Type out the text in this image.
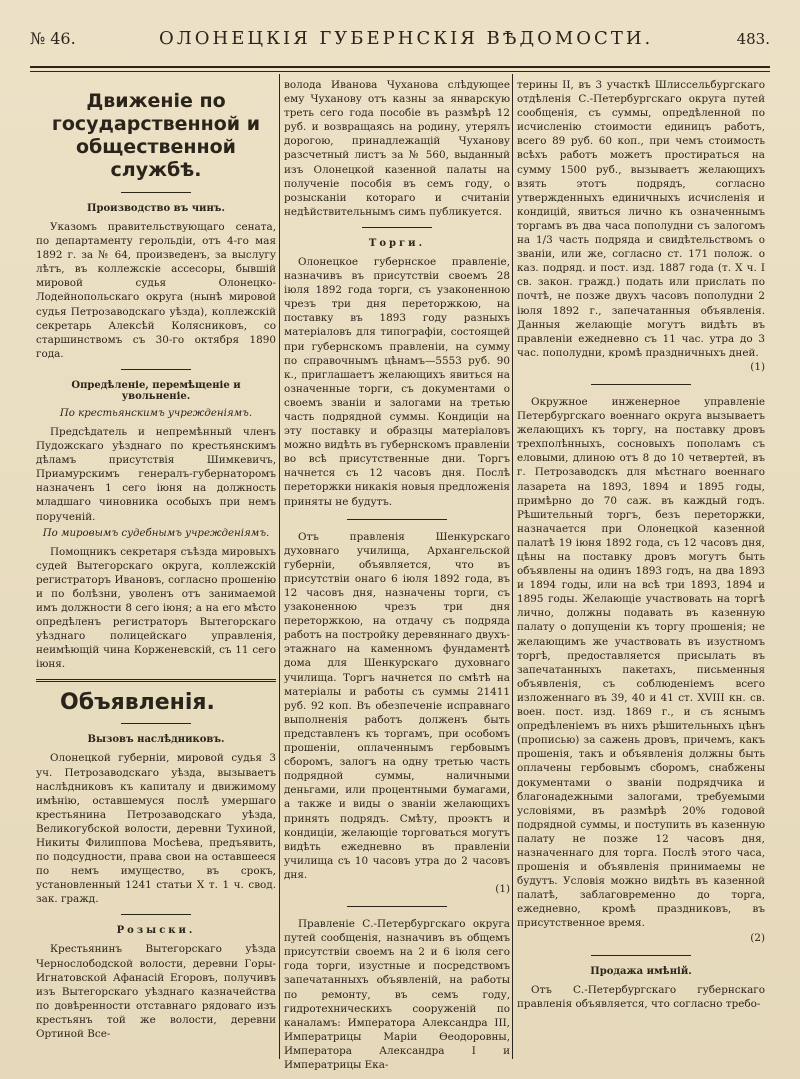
№ 46.	ОЛОНЕЦКІЯ ГУБЕРНСКІЯ ВѢДОМОСТИ.	483.
Движеніе по государственной и общественной службѣ.
Производство въ чинъ.

Указомъ правительствующаго сената, по департаменту герольдіи, отъ 4-го мая 1892 г. за № 64, произведенъ, за выслугу лѣтъ, въ коллежскіе ассесоры, бывшій мировой судья Олонецко-Лодейнопольскаго округа (нынѣ мировой судья Петрозаводскаго уѣзда), коллежскій секретарь Алексѣй Колясниковъ, со старшинствомъ съ 30-го октября 1890 года.

Опредѣленіе, перемѣщеніе и увольненіе.
По крестьянскимъ учрежденіямъ.

Предсѣдатель и непремѣнный членъ Пудожскаго уѣзднаго по крестьянскимъ дѣламъ присутствія Шимкевичъ, Приамурскимъ генералъ-губернаторомъ назначенъ 1 сего іюня на должность младшаго чиновника особыхъ при немъ порученій.

По мировымъ судебнымъ учрежденіямъ.

Помощникъ секретаря съѣзда мировыхъ судей Вытегорскаго округа, коллежскій регистраторъ Ивановъ, согласно прошенію и по болѣзни, уволенъ отъ занимаемой имъ должности 8 сего іюня; а на его мѣсто опредѣленъ регистраторъ Вытегорскаго уѣзднаго полицейскаго управленія, неимѣющій чина Корженевскій, съ 11 сего іюня.

Объявленія.
Вызовъ наслѣдниковъ.

Олонецкой губерніи, мировой судья 3 уч. Петрозаводскаго уѣзда, вызываетъ наслѣдниковъ къ капиталу и движимому имѣнію, оставшемуся послѣ умершаго крестьянина Петрозаводскаго уѣзда, Великогубской волости, деревни Тухиной, Никиты Филиппова Мосѣева, предъявить, по подсудности, права свои на оставшееся по немъ имущество, въ срокъ, установленный 1241 статьи Х т. 1 ч. свод. зак. гражд.

Розыски.

Крестьянинъ Вытегорскаго уѣзда Чернослободской волости, деревни Горы-Игнатовской Афанасій Егоровъ, получивъ изъ Вытегорскаго уѣзднаго казначейства по довѣренности отставнаго рядоваго изъ крестьянъ той же волости, деревни Ортиной Все-

волода Иванова Чуханова слѣдующее ему Чуханову отъ казны за январскую треть сего года пособіе въ размѣрѣ 12 руб. и возвращаясь на родину, утерялъ дорогою, принадлежащій Чуханову разсчетный листъ за № 560, выданный изъ Олонецкой казенной палаты на полученіе пособія въ семъ году, о розысканіи котораго и считаніи недѣйствительнымъ симъ публикуется.

Торги.

Олонецкое губернское правленіе, назначивъ въ присутствіи своемъ 28 іюля 1892 года торги, съ узаконенною чрезъ три дня переторжкою, на поставку въ 1893 году разныхъ матеріаловъ для типографіи, состоящей при губернскомъ правленіи, на сумму по справочнымъ цѣнамъ—5553 руб. 90 к., приглашаетъ желающихъ явиться на означенные торги, съ документами о своемъ званіи и залогами на третью часть подрядной суммы. Кондиціи на эту поставку и образцы матеріаловъ можно видѣть въ губернскомъ правленіи во всѣ присутственные дни. Торгъ начнется съ 12 часовъ дня. Послѣ переторжки никакія новыя предложенія приняты не будутъ.

Отъ правленія Шенкурскаго духовнаго училища, Архангельской губерніи, объявляется, что въ присутствіи онаго 6 іюля 1892 года, въ 12 часовъ дня, назначены торги, съ узаконенною чрезъ три дня переторжкою, на отдачу съ подряда работъ на постройку деревяннаго двухъ-этажнаго на каменномъ фундаментѣ дома для Шенкурскаго духовнаго училища. Торгъ начнется по смѣтѣ на матеріалы и работы съ суммы 21411 руб. 92 коп. Въ обезпеченіе исправнаго выполненія работъ долженъ быть представленъ къ торгамъ, при особомъ прошеніи, оплаченнымъ гербовымъ сборомъ, залогъ на одну третью часть подрядной суммы, наличными деньгами, или процентными бумагами, а также и виды о званіи желающихъ принять подрядъ. Смѣту, проэктъ и кондиціи, желающіе торговаться могутъ видѣть ежедневно въ правленіи училища съ 10 часовъ утра до 2 часовъ дня.

(1)

Правленіе С.-Петербургскаго округа путей сообщенія, назначивъ въ общемъ присутствіи своемъ на 2 и 6 іюля сего года торги, изустные и посредствомъ запечатанныхъ объявленій, на работы по ремонту, въ семъ году, гидротехническихъ сооруженій по каналамъ: Императора Александра III, Императрицы Маріи Ѳеодоровны, Императора Александра I и Императрицы Ека-

терины II, въ 3 участкѣ Шлиссельбургскаго отдѣленія С.-Петербургскаго округа путей сообщенія, съ суммы, опредѣленной по исчисленію стоимости единицъ работъ, всего 89 руб. 60 коп., при чемъ стоимость всѣхъ работъ можетъ простираться на сумму 1500 руб., вызываетъ желающихъ взять этотъ подрядъ, согласно утвержденныхъ единичныхъ исчисленія и кондицій, явиться лично къ означеннымъ торгамъ въ два часа пополудни съ залогомъ на 1/3 часть подряда и свидѣтельствомъ о званіи, или же, согласно ст. 171 полож. о каз. подряд. и пост. изд. 1887 года (т. Х ч. I св. закон. гражд.) подать или прислать по почтѣ, не позже двухъ часовъ пополудни 2 іюля 1892 г., запечатанныя объявленія. Данныя желающіе могутъ видѣть въ правленіи ежедневно съ 11 час. утра до 3 час. пополудни, кромѣ праздничныхъ дней.

(1)

Окружное инженерное управленіе Петербургскаго военнаго округа вызываетъ желающихъ къ торгу, на поставку дровъ трехполѣнныхъ, сосновыхъ пополамъ съ еловыми, длиною отъ 8 до 10 четвертей, въ г. Петрозаводскъ для мѣстнаго военнаго лазарета на 1893, 1894 и 1895 годы, примѣрно до 70 саж. въ каждый годъ. Рѣшительный торгъ, безъ переторжки, назначается при Олонецкой казенной палатѣ 19 іюня 1892 года, съ 12 часовъ дня, цѣны на поставку дровъ могутъ быть объявлены на одинъ 1893 годъ, на два 1893 и 1894 годы, или на всѣ три 1893, 1894 и 1895 годы. Желающіе участвовать на торгѣ лично, должны подавать въ казенную палату о допущеніи къ торгу прошенія; не желающимъ же участвовать въ изустномъ торгѣ, предоставляется присылать въ запечатанныхъ пакетахъ, письменныя объявленія, съ соблюденіемъ всего изложеннаго въ 39, 40 и 41 ст. XVIII кн. св. воен. пост. изд. 1869 г., и съ яснымъ опредѣленіемъ въ нихъ рѣшительныхъ цѣнъ (прописью) за сажень дровъ, причемъ, какъ прошенія, такъ и объявленія должны быть оплачены гербовымъ сборомъ, снабжены документами о званіи подрядчика и благонадежными залогами, требуемыми условіями, въ размѣрѣ 20% годовой подрядной суммы, и поступить въ казенную палату не позже 12 часовъ дня, назначеннаго для торга. Послѣ этого часа, прошенія и объявленія принимаемы не будутъ. Условія можно видѣть въ казенной палатѣ, заблаговременно до торга, ежедневно, кромѣ праздниковъ, въ присутственное время.

(2)
Продажа имѣній.

Отъ С.-Петербургскаго губернскаго правленія объявляется, что согласно требо-
